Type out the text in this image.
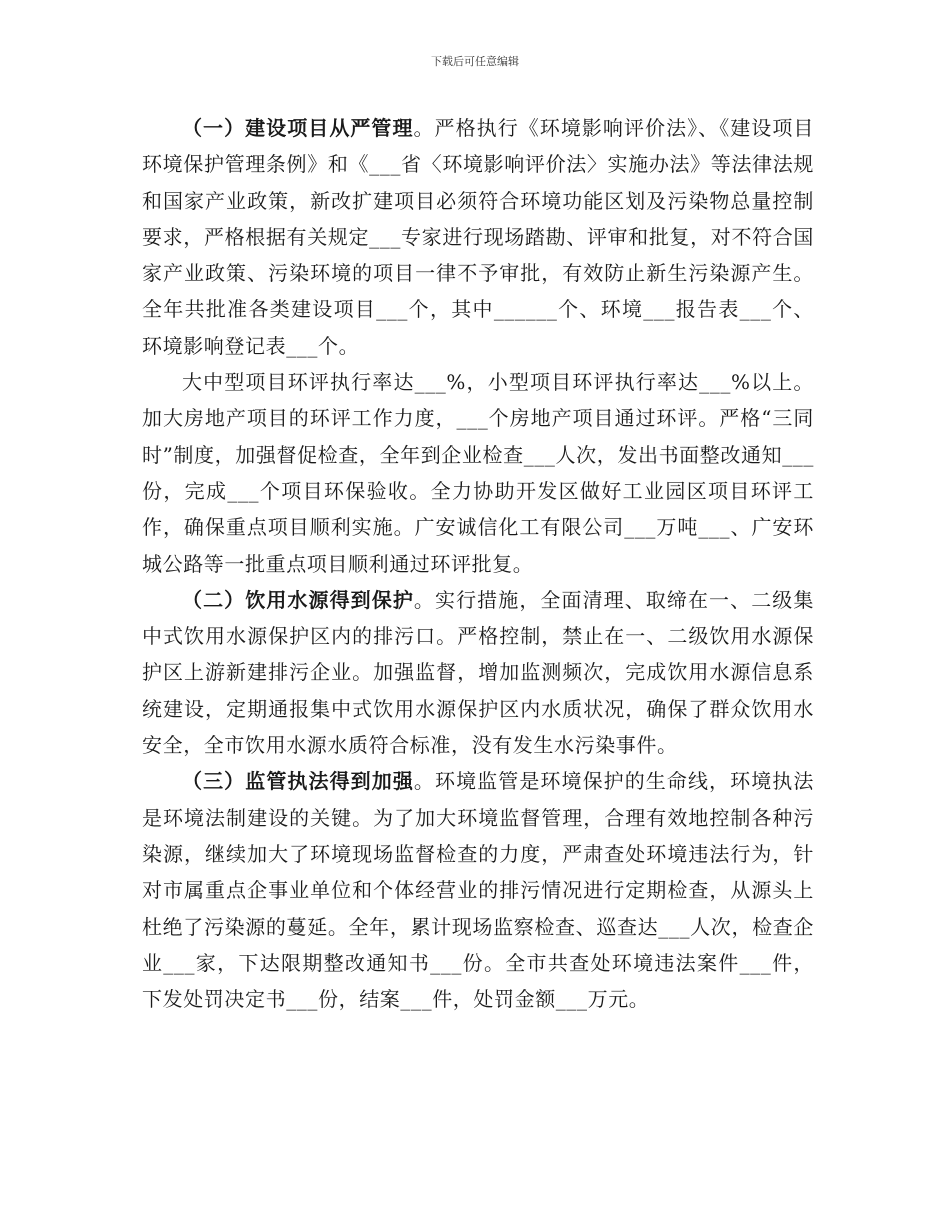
下载后可任意编辑

（一）建设项目从严管理。严格执行《环境影响评价法》、《建设项目环境保护管理条例》和《___省〈环境影响评价法〉实施办法》等法律法规和国家产业政策，新改扩建项目必须符合环境功能区划及污染物总量控制要求，严格根据有关规定___专家进行现场踏勘、评审和批复，对不符合国家产业政策、污染环境的项目一律不予审批，有效防止新生污染源产生。全年共批准各类建设项目___个，其中______个、环境___报告表___个、环境影响登记表___个。

大中型项目环评执行率达___%，小型项目环评执行率达___%以上。加大房地产项目的环评工作力度，___个房地产项目通过环评。严格“三同时”制度，加强督促检查，全年到企业检查___人次，发出书面整改通知___份，完成___个项目环保验收。全力协助开发区做好工业园区项目环评工作，确保重点项目顺利实施。广安诚信化工有限公司___万吨___、广安环城公路等一批重点项目顺利通过环评批复。

（二）饮用水源得到保护。实行措施，全面清理、取缔在一、二级集中式饮用水源保护区内的排污口。严格控制，禁止在一、二级饮用水源保护区上游新建排污企业。加强监督，增加监测频次，完成饮用水源信息系统建设，定期通报集中式饮用水源保护区内水质状况，确保了群众饮用水安全，全市饮用水源水质符合标准，没有发生水污染事件。

（三）监管执法得到加强。环境监管是环境保护的生命线，环境执法是环境法制建设的关键。为了加大环境监督管理，合理有效地控制各种污染源，继续加大了环境现场监督检查的力度，严肃查处环境违法行为，针对市属重点企事业单位和个体经营业的排污情况进行定期检查，从源头上杜绝了污染源的蔓延。全年，累计现场监察检查、巡查达___人次，检查企业___家，下达限期整改通知书___份。全市共查处环境违法案件___件，下发处罚决定书___份，结案___件，处罚金额___万元。
